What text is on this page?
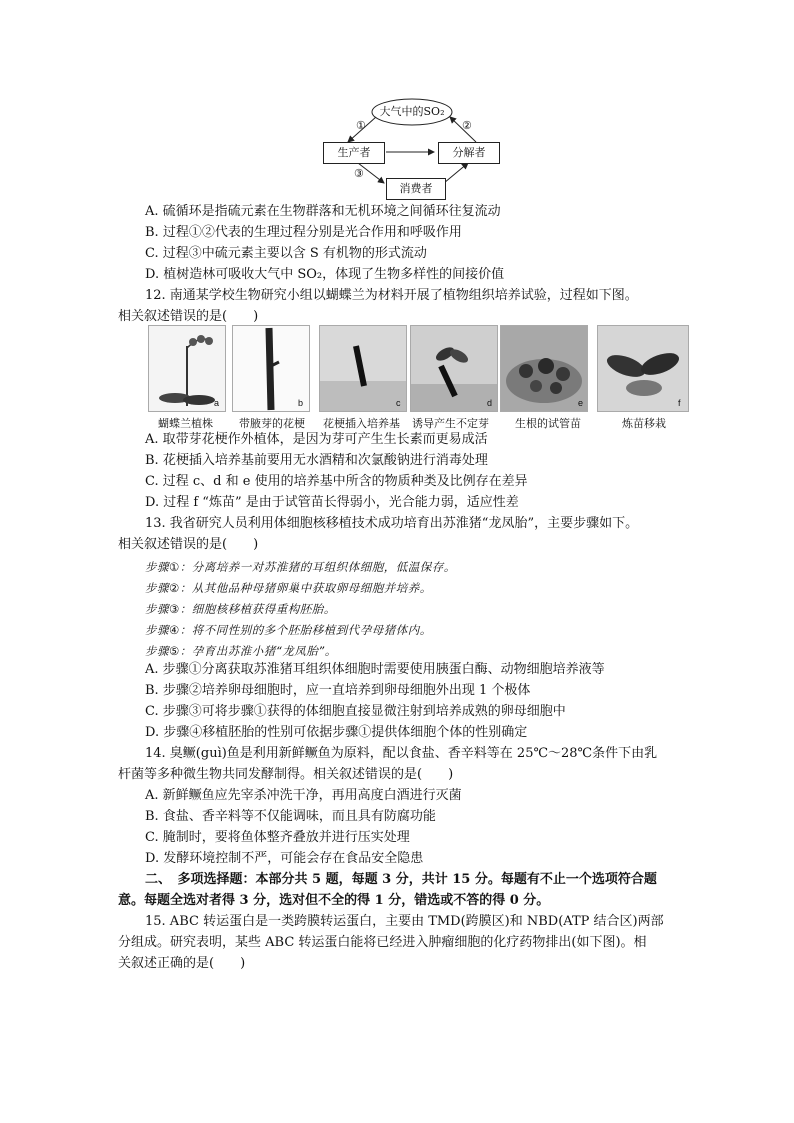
大气中的SO₂
生产者	分解者
消费者
①	②
③
A. 硫循环是指硫元素在生物群落和无机环境之间循环往复流动
B. 过程①②代表的生理过程分别是光合作用和呼吸作用
C. 过程③中硫元素主要以含 S 有机物的形式流动
D. 植树造林可吸收大气中 SO₂，体现了生物多样性的间接价值
12. 南通某学校生物研究小组以蝴蝶兰为材料开展了植物组织培养试验，过程如下图。
相关叙述错误的是(　　)
a	b	c	d	e	f
蝴蝶兰植株 带腋芽的花梗 花梗插入培养基 诱导产生不定芽 生根的试管苗	炼苗移栽
A. 取带芽花梗作外植体，是因为芽可产生生长素而更易成活
B. 花梗插入培养基前要用无水酒精和次氯酸钠进行消毒处理
C. 过程 c、d 和 e 使用的培养基中所含的物质种类及比例存在差异
D. 过程 f “炼苗” 是由于试管苗长得弱小，光合能力弱，适应性差
13. 我省研究人员利用体细胞核移植技术成功培育出苏淮猪“龙凤胎”，主要步骤如下。
相关叙述错误的是(　　)
步骤①：分离培养一对苏淮猪的耳组织体细胞，低温保存。
步骤②：从其他品种母猪卵巢中获取卵母细胞并培养。
步骤③：细胞核移植获得重构胚胎。
步骤④：将不同性别的多个胚胎移植到代孕母猪体内。
步骤⑤：孕育出苏淮小猪“龙凤胎”。
A. 步骤①分离获取苏淮猪耳组织体细胞时需要使用胰蛋白酶、动物细胞培养液等
B. 步骤②培养卵母细胞时，应一直培养到卵母细胞外出现 1 个极体
C. 步骤③可将步骤①获得的体细胞直接显微注射到培养成熟的卵母细胞中
D. 步骤④移植胚胎的性别可依据步骤①提供体细胞个体的性别确定
14. 臭鳜(guì)鱼是利用新鲜鳜鱼为原料，配以食盐、香辛料等在 25℃～28℃条件下由乳
杆菌等多种微生物共同发酵制得。相关叙述错误的是(　　)
A. 新鲜鳜鱼应先宰杀冲洗干净，再用高度白酒进行灭菌
B. 食盐、香辛料等不仅能调味，而且具有防腐功能
C. 腌制时，要将鱼体整齐叠放并进行压实处理
D. 发酵环境控制不严，可能会存在食品安全隐患
二、　多项选择题：本部分共 5 题，每题 3 分，共计 15 分。每题有不止一个选项符合题
意。每题全选对者得 3 分，选对但不全的得 1 分，错选或不答的得 0 分。
15. ABC 转运蛋白是一类跨膜转运蛋白，主要由 TMD(跨膜区)和 NBD(ATP 结合区)两部
分组成。研究表明，某些 ABC 转运蛋白能将已经进入肿瘤细胞的化疗药物排出(如下图)。相
关叙述正确的是(　　)
